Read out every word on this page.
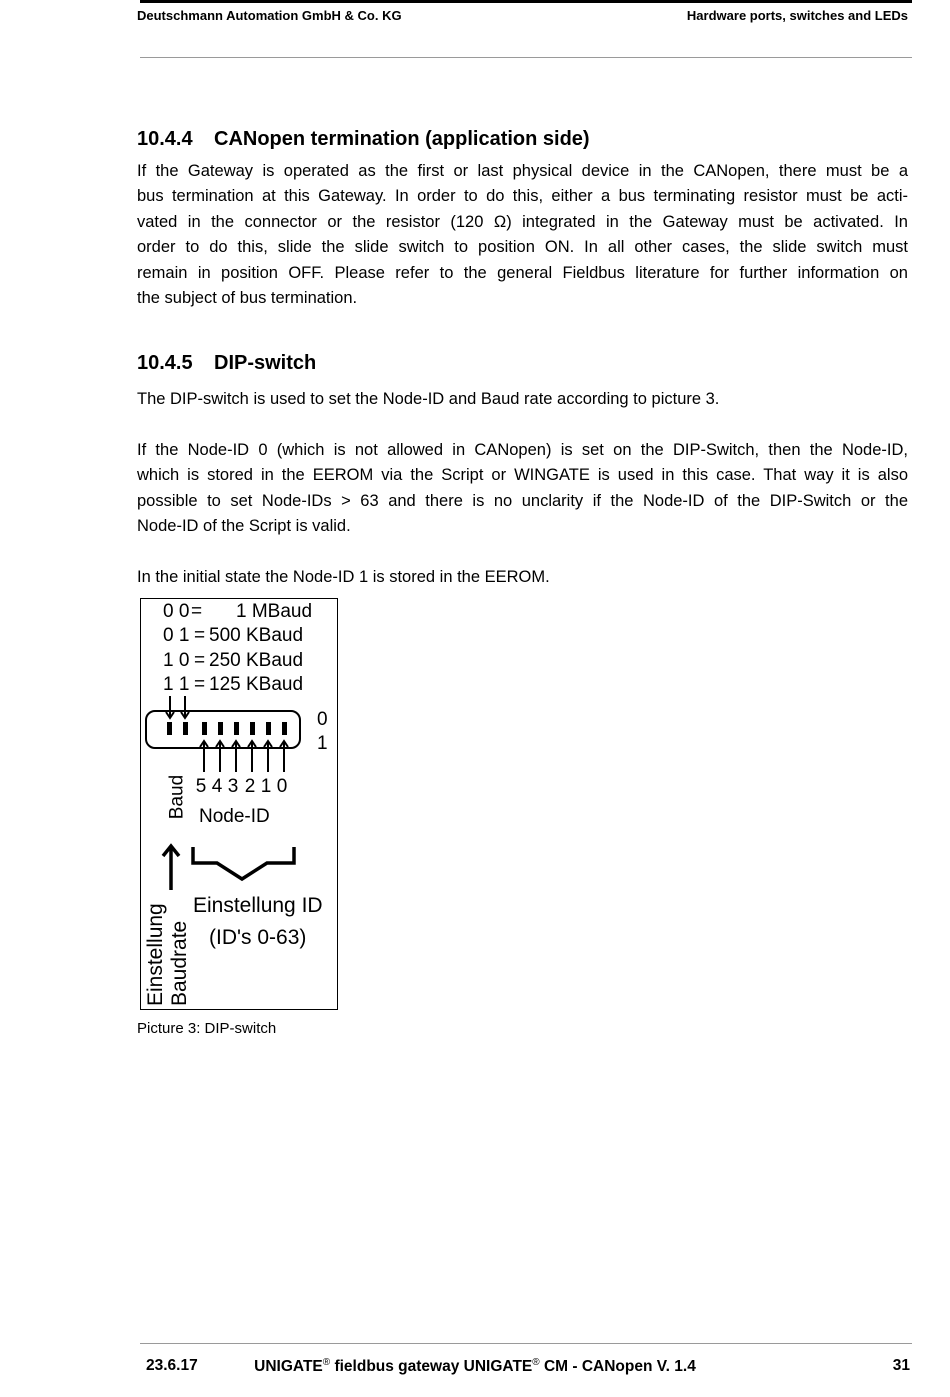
Deutschmann Automation GmbH & Co. KG	Hardware ports, switches and LEDs
10.4.4 CANopen termination (application side)
If the Gateway is operated as the first or last physical device in the CANopen, there must be a
bus termination at this Gateway. In order to do this, either a bus terminating resistor must be acti-
vated in the connector or the resistor (120 Ω) integrated in the Gateway must be activated. In
order to do this, slide the slide switch to position ON. In all other cases, the slide switch must
remain in position OFF. Please refer to the general Fieldbus literature for further information on
the subject of bus termination.
10.4.5 DIP-switch
The DIP-switch is used to set the Node-ID and Baud rate according to picture 3.
If the Node-ID 0 (which is not allowed in CANopen) is set on the DIP-Switch, then the Node-ID,
which is stored in the EEROM via the Script or WINGATE is used in this case. That way it is also
possible to set Node-IDs > 63 and there is no unclarity if the Node-ID of the DIP-Switch or the
Node-ID of the Script is valid.
In the initial state the Node-ID 1 is stored in the EEROM.
0 0 = 1 MBaud
0 1 = 500 KBaud
1 0 = 250 KBaud
1 1 = 125 KBaud
0
1
5 4 3 2 1 0
Baud Node-ID
Einstellung ID
(ID's 0-63)
Einstellung Baudrate
Picture 3: DIP-switch
23.6.17	UNIGATE® fieldbus gateway UNIGATE® CM - CANopen V. 1.4	31
